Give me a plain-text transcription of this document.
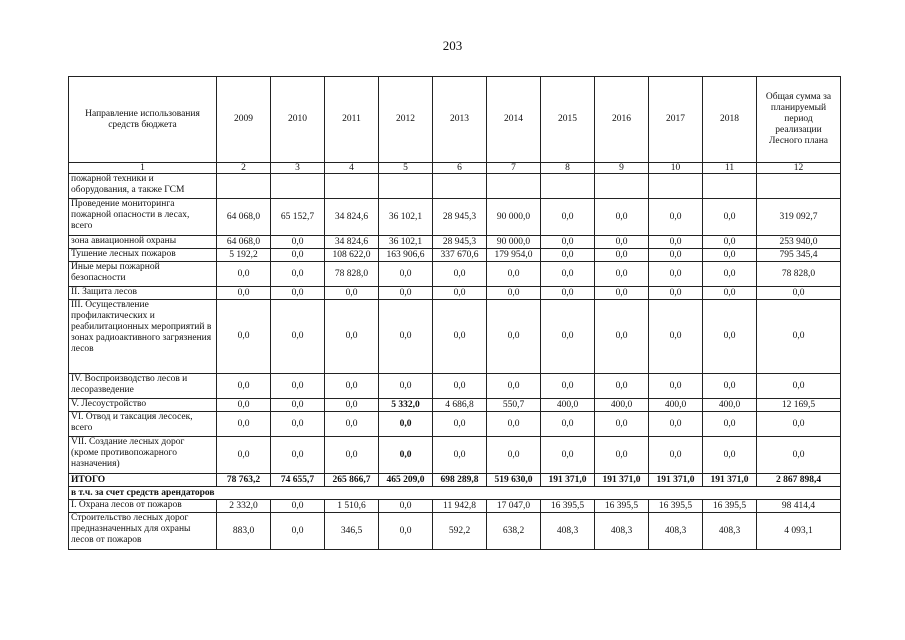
203
Направление использования средств бюджета	2009	2010	2011	2012	2013	2014	2015	2016	2017	2018	Общая сумма за планируемый период реализации Лесного плана
1	2	3	4	5	6	7	8	9	10	11	12
пожарной техники и оборудования, а также ГСМ											
Проведение мониторинга пожарной опасности в лесах, всего	64 068,0	65 152,7	34 824,6	36 102,1	28 945,3	90 000,0	0,0	0,0	0,0	0,0	319 092,7
зона авиационной охраны	64 068,0	0,0	34 824,6	36 102,1	28 945,3	90 000,0	0,0	0,0	0,0	0,0	253 940,0
Тушение лесных пожаров	5 192,2	0,0	108 622,0	163 906,6	337 670,6	179 954,0	0,0	0,0	0,0	0,0	795 345,4
Иные меры пожарной безопасности	0,0	0,0	78 828,0	0,0	0,0	0,0	0,0	0,0	0,0	0,0	78 828,0
II. Защита лесов	0,0	0,0	0,0	0,0	0,0	0,0	0,0	0,0	0,0	0,0	0,0
III. Осуществление профилактических и реабилитационных мероприятий в зонах радиоактивного загрязнения лесов	0,0	0,0	0,0	0,0	0,0	0,0	0,0	0,0	0,0	0,0	0,0
IV. Воспроизводство лесов и лесоразведение	0,0	0,0	0,0	0,0	0,0	0,0	0,0	0,0	0,0	0,0	0,0
V. Лесоустройство	0,0	0,0	0,0	5 332,0	4 686,8	550,7	400,0	400,0	400,0	400,0	12 169,5
VI. Отвод и таксация лесосек, всего	0,0	0,0	0,0	0,0	0,0	0,0	0,0	0,0	0,0	0,0	0,0
VII. Создание лесных дорог (кроме противопожарного назначения)	0,0	0,0	0,0	0,0	0,0	0,0	0,0	0,0	0,0	0,0	0,0
ИТОГО	78 763,2	74 655,7	265 866,7	465 209,0	698 289,8	519 630,0	191 371,0	191 371,0	191 371,0	191 371,0	2 867 898,4
в т.ч. за счет средств арендаторов											
I. Охрана лесов от пожаров	2 332,0	0,0	1 510,6	0,0	11 942,8	17 047,0	16 395,5	16 395,5	16 395,5	16 395,5	98 414,4
Строительство лесных дорог предназначенных для охраны лесов от пожаров	883,0	0,0	346,5	0,0	592,2	638,2	408,3	408,3	408,3	408,3	4 093,1
